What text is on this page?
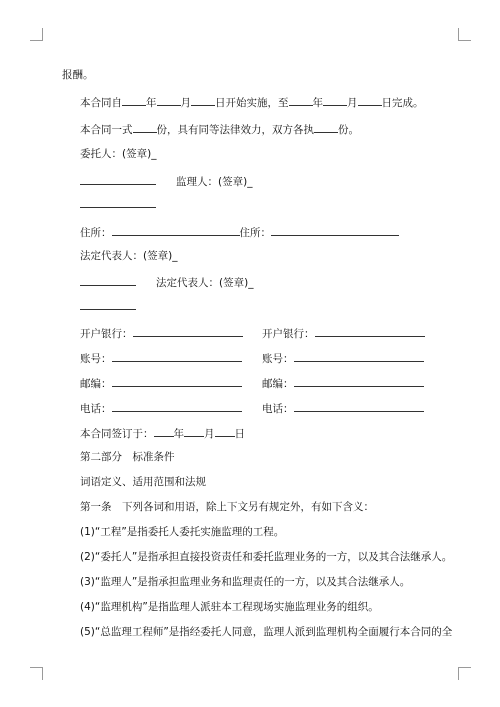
报酬。
本合同自 年 月 日开始实施，至 年 月 日完成。
本合同一式 份，具有同等法律效力，双方各执 份。
委托人：(签章)_
监理人：(签章)_
住所：	住所：
法定代表人：(签章)_
法定代表人：(签章)_
开户银行：	开户银行：
账号：	账号：
邮编：	邮编：
电话：	电话：
本合同签订于： 年 月 日
第二部分　标准条件
词语定义、适用范围和法规
第一条　下列各词和用语，除上下文另有规定外，有如下含义：
(1)“工程”是指委托人委托实施监理的工程。
(2)“委托人”是指承担直接投资责任和委托监理业务的一方，以及其合法继承人。
(3)“监理人”是指承担监理业务和监理责任的一方，以及其合法继承人。
(4)“监理机构”是指监理人派驻本工程现场实施监理业务的组织。
(5)“总监理工程师”是指经委托人同意，监理人派到监理机构全面履行本合同的全
